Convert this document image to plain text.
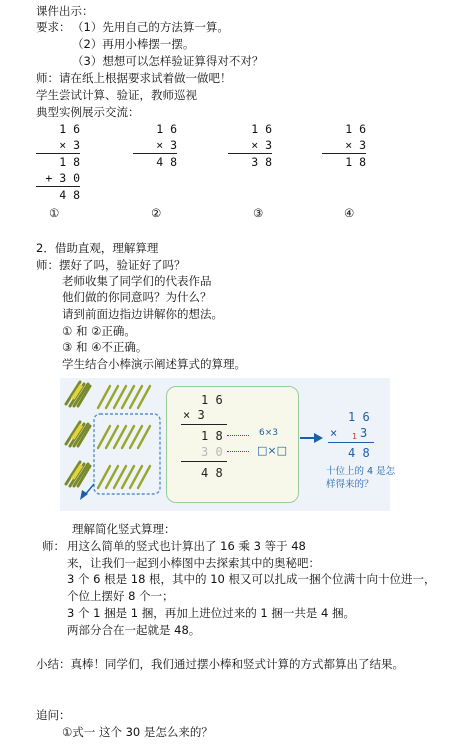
课件出示：
要求： （1）先用自己的方法算一算。
（2）再用小棒摆一摆。
（3）想想可以怎样验证算得对不对？
师：请在纸上根据要求试着做一做吧！
学生尝试计算、验证，教师巡视
典型实例展示交流：
1 6
× 3
1 8
+ 3 0
4 8
①
1 6
× 3
4 8
②
1 6
× 3
3 8
③
1 6
× 3
1 8
④
2．借助直观，理解算理
师：摆好了吗，验证好了吗？
老师收集了同学们的代表作品
他们做的你同意吗？为什么？
请到前面边指边讲解你的想法。
① 和 ②正确。
③ 和 ④不正确。
学生结合小棒演示阐述算式的算理。
1 6
× 3
1 8
3 0
4 8
6×3
□×□
1 6
× 1 3
4 8
十位上的 4 是怎
样得来的？
理解简化竖式算理：
师： 用这么简单的竖式也计算出了 16 乘 3 等于 48
来，让我们一起到小棒图中去探索其中的奥秘吧：
3 个 6 根是 18 根，其中的 10 根又可以扎成一捆个位满十向十位进一，
个位上摆好 8 个一；
3 个 1 捆是 1 捆，再加上进位过来的 1 捆一共是 4 捆。
两部分合在一起就是 48。
小结：真棒！同学们，我们通过摆小棒和竖式计算的方式都算出了结果。
追问：
①式一 这个 30 是怎么来的？
